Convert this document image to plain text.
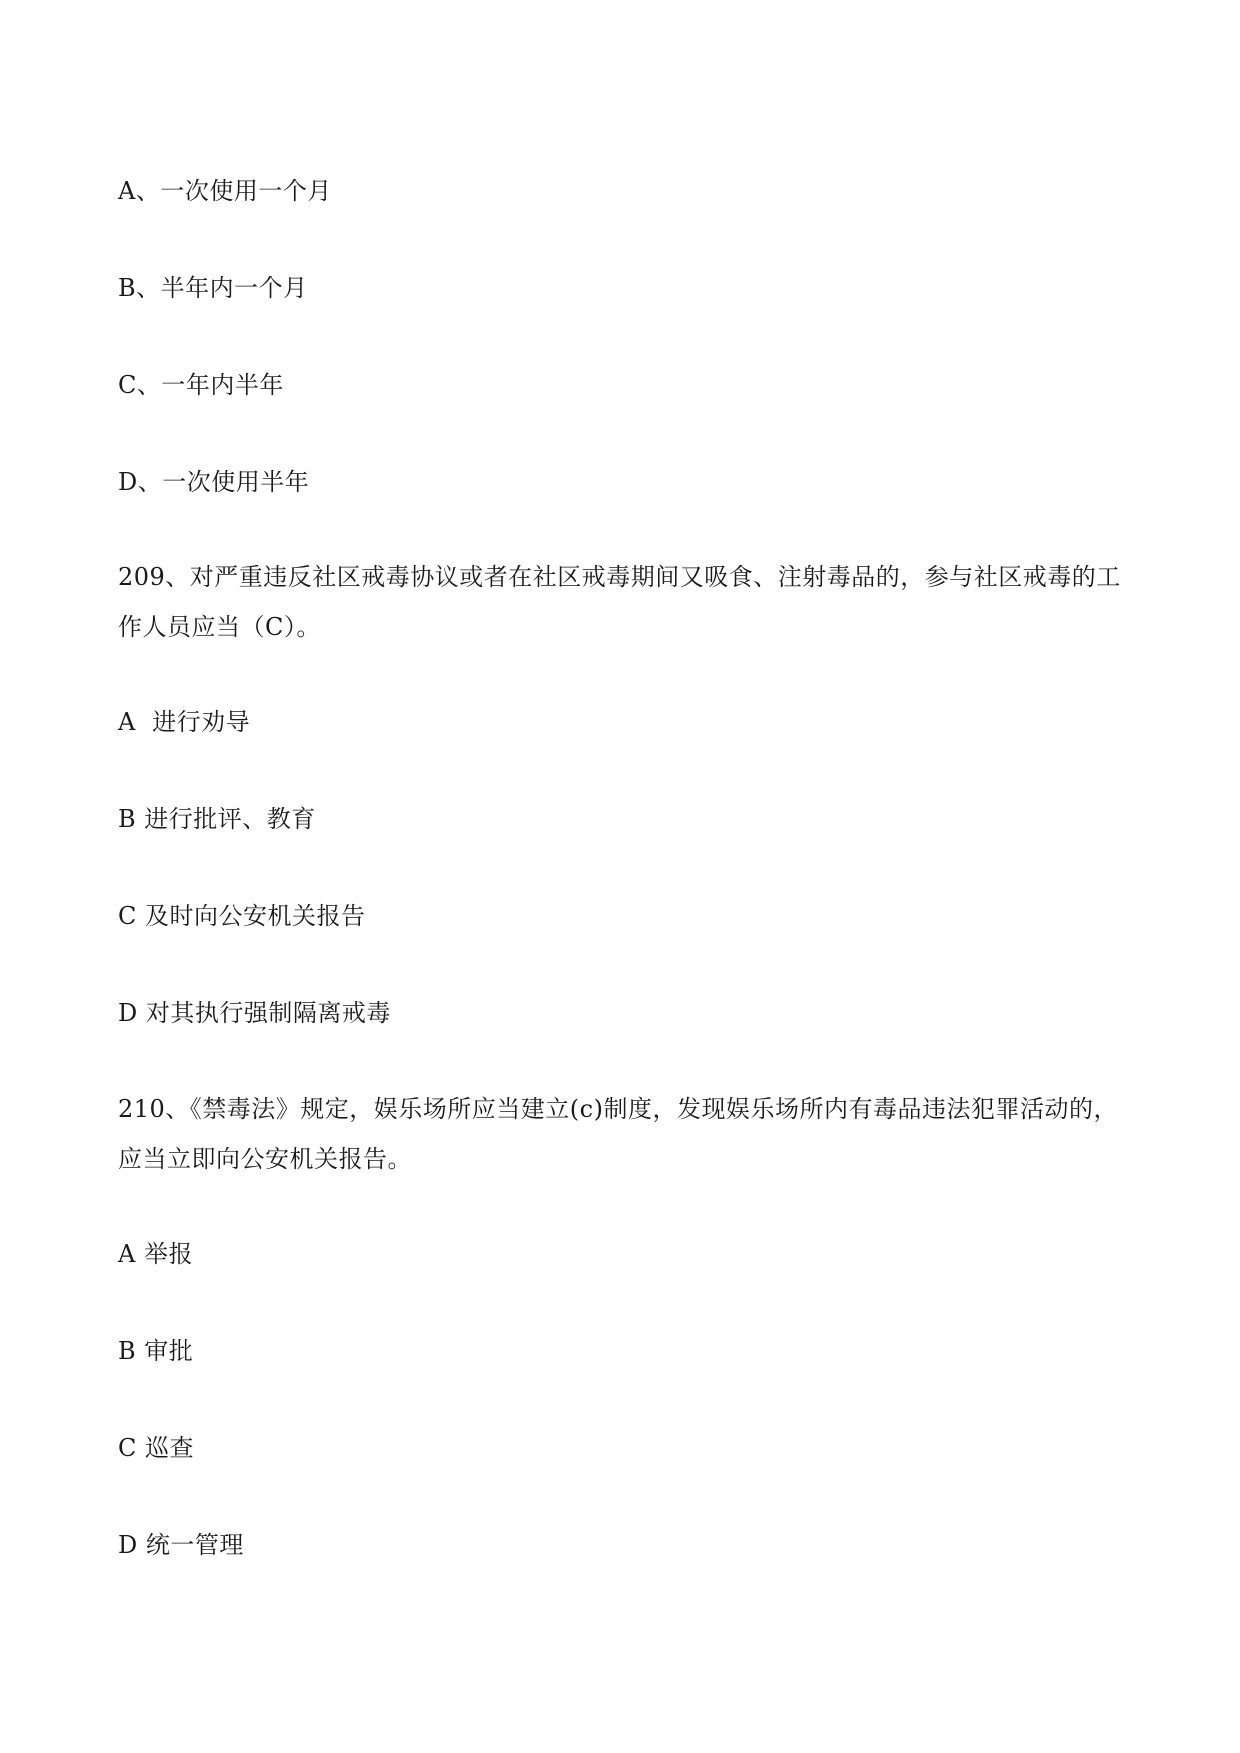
A、一次使用一个月
B、半年内一个月
C、一年内半年
D、一次使用半年
209、对严重违反社区戒毒协议或者在社区戒毒期间又吸食、注射毒品的，参与社区戒毒的工
作人员应当（C）。
A  进行劝导
B 进行批评、教育
C 及时向公安机关报告
D 对其执行强制隔离戒毒
210、《禁毒法》规定，娱乐场所应当建立(c)制度，发现娱乐场所内有毒品违法犯罪活动的，
应当立即向公安机关报告。
A 举报
B 审批
C 巡查
D 统一管理
